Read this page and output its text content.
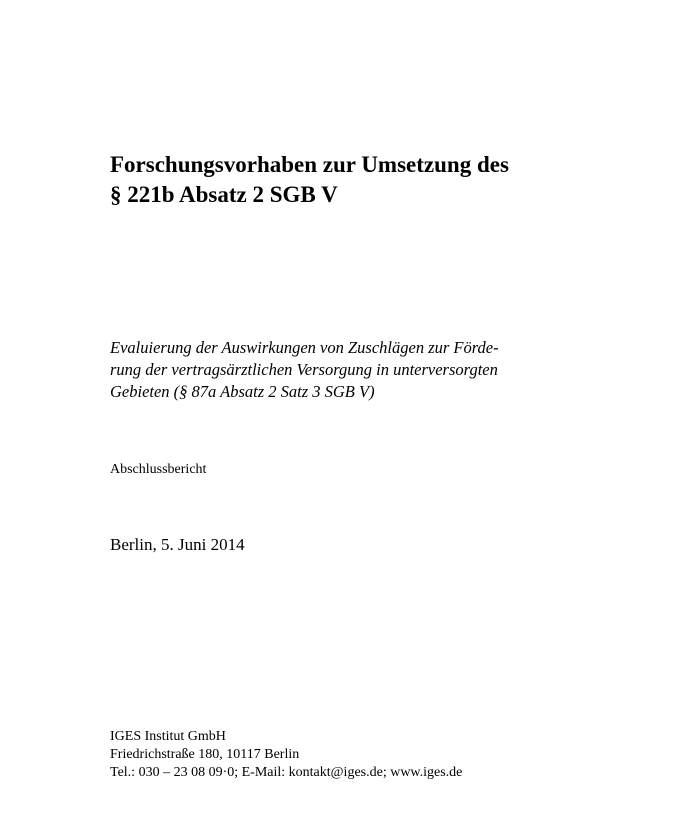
Forschungsvorhaben zur Umsetzung des
§ 221b Absatz 2 SGB V

Evaluierung der Auswirkungen von Zuschlägen zur Förde-
rung der vertragsärztlichen Versorgung in unterversorgten
Gebieten (§ 87a Absatz 2 Satz 3 SGB V)

Abschlussbericht
Berlin, 5. Juni 2014
IGES Institut GmbH
Friedrichstraße 180, 10117 Berlin
Tel.: 030 – 23 08 09·0; E-Mail: kontakt@iges.de; www.iges.de
